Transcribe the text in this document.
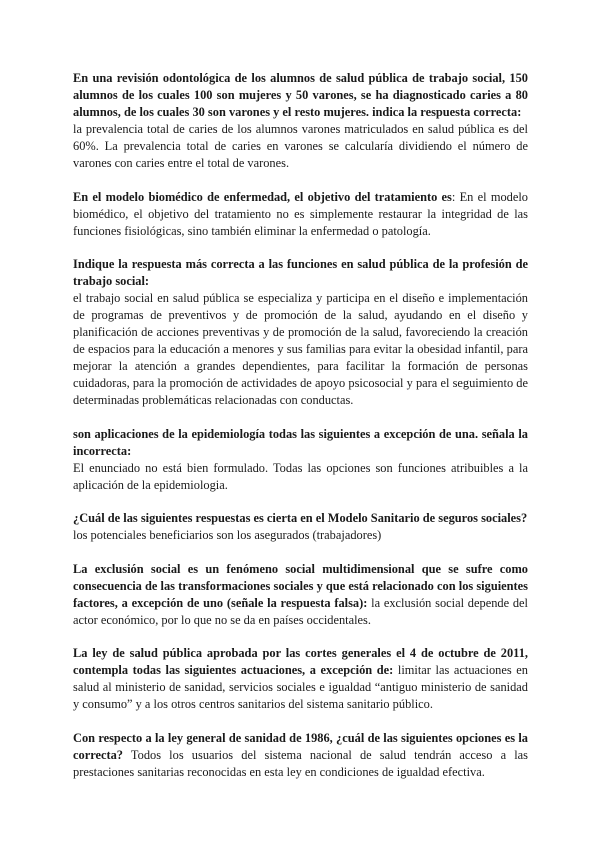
En una revisión odontológica de los alumnos de salud pública de trabajo social, 150 alumnos de los cuales 100 son mujeres y 50 varones, se ha diagnosticado caries a 80 alumnos, de los cuales 30 son varones y el resto mujeres. indica la respuesta correcta:
la prevalencia total de caries de los alumnos varones matriculados en salud pública es del 60%. La prevalencia total de caries en varones se calcularía dividiendo el número de varones con caries entre el total de varones.

En el modelo biomédico de enfermedad, el objetivo del tratamiento es: En el modelo biomédico, el objetivo del tratamiento no es simplemente restaurar la integridad de las funciones fisiológicas, sino también eliminar la enfermedad o patología.

Indique la respuesta más correcta a las funciones en salud pública de la profesión de trabajo social:
el trabajo social en salud pública se especializa y participa en el diseño e implementación de programas de preventivos y de promoción de la salud, ayudando en el diseño y planificación de acciones preventivas y de promoción de la salud, favoreciendo la creación de espacios para la educación a menores y sus familias para evitar la obesidad infantil, para mejorar la atención a grandes dependientes, para facilitar la formación de personas cuidadoras, para la promoción de actividades de apoyo psicosocial y para el seguimiento de determinadas problemáticas relacionadas con conductas.

son aplicaciones de la epidemiología todas las siguientes a excepción de una. señala la incorrecta:
El enunciado no está bien formulado. Todas las opciones son funciones atribuibles a la aplicación de la epidemiologia.

¿Cuál de las siguientes respuestas es cierta en el Modelo Sanitario de seguros sociales?
los potenciales beneficiarios son los asegurados (trabajadores)

La exclusión social es un fenómeno social multidimensional que se sufre como consecuencia de las transformaciones sociales y que está relacionado con los siguientes factores, a excepción de uno (señale la respuesta falsa): la exclusión social depende del actor económico, por lo que no se da en países occidentales.

La ley de salud pública aprobada por las cortes generales el 4 de octubre de 2011, contempla todas las siguientes actuaciones, a excepción de: limitar las actuaciones en salud al ministerio de sanidad, servicios sociales e igualdad “antiguo ministerio de sanidad y consumo” y a los otros centros sanitarios del sistema sanitario público.

Con respecto a la ley general de sanidad de 1986, ¿cuál de las siguientes opciones es la correcta? Todos los usuarios del sistema nacional de salud tendrán acceso a las prestaciones sanitarias reconocidas en esta ley en condiciones de igualdad efectiva.
